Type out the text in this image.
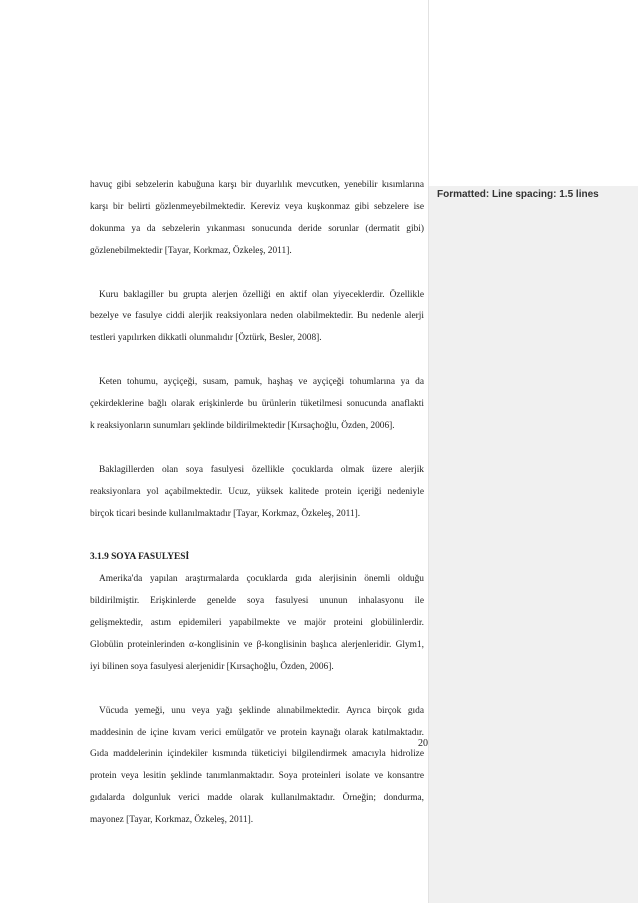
havuç gibi sebzelerin kabuğuna karşı bir duyarlılık mevcutken, yenebilir kısımlarına
karşı bir belirti gözlenmeyebilmektedir. Kereviz veya kuşkonmaz gibi sebzelere ise
dokunma ya da sebzelerin yıkanması sonucunda deride sorunlar (dermatit gibi)
gözlenebilmektedir [Tayar, Korkmaz, Özkeleş, 2011].

Kuru baklagiller bu grupta alerjen özelliği en aktif olan yiyeceklerdir. Özellikle
bezelye ve fasulye ciddi alerjik reaksiyonlara neden olabilmektedir. Bu nedenle alerji
testleri yapılırken dikkatli olunmalıdır [Öztürk, Besler, 2008].

Keten tohumu, ayçiçeği, susam, pamuk, haşhaş ve ayçiçeği tohumlarına ya da
çekirdeklerine bağlı olarak erişkinlerde bu ürünlerin tüketilmesi sonucunda anaflakti
k reaksiyonların sunumları şeklinde bildirilmektedir [Kırsaçhoğlu, Özden, 2006].

Baklagillerden olan soya fasulyesi özellikle çocuklarda olmak üzere alerjik
reaksiyonlara yol açabilmektedir. Ucuz, yüksek kalitede protein içeriği nedeniyle
birçok ticari besinde kullanılmaktadır [Tayar, Korkmaz, Özkeleş, 2011].

3.1.9 SOYA FASULYESİ

Amerika'da yapılan araştırmalarda çocuklarda gıda alerjisinin önemli olduğu
bildirilmiştir. Erişkinlerde genelde soya fasulyesi ununun inhalasyonu ile
gelişmektedir, astım epidemileri yapabilmekte ve majör proteini globülinlerdir.
Globülin proteinlerinden α-konglisinin ve β-konglisinin başlıca alerjenleridir. Glym1,
iyi bilinen soya fasulyesi alerjenidir [Kırsaçhoğlu, Özden, 2006].

Vücuda yemeği, unu veya yağı şeklinde alınabilmektedir. Ayrıca birçok gıda
maddesinin de içine kıvam verici emülgatör ve protein kaynağı olarak katılmaktadır.
Gıda maddelerinin içindekiler kısmında tüketiciyi bilgilendirmek amacıyla hidrolize
protein veya lesitin şeklinde tanımlanmaktadır. Soya proteinleri isolate ve konsantre
gıdalarda dolgunluk verici madde olarak kullanılmaktadır. Örneğin; dondurma,
mayonez [Tayar, Korkmaz, Özkeleş, 2011].

20
Formatted: Line spacing: 1.5 lines
